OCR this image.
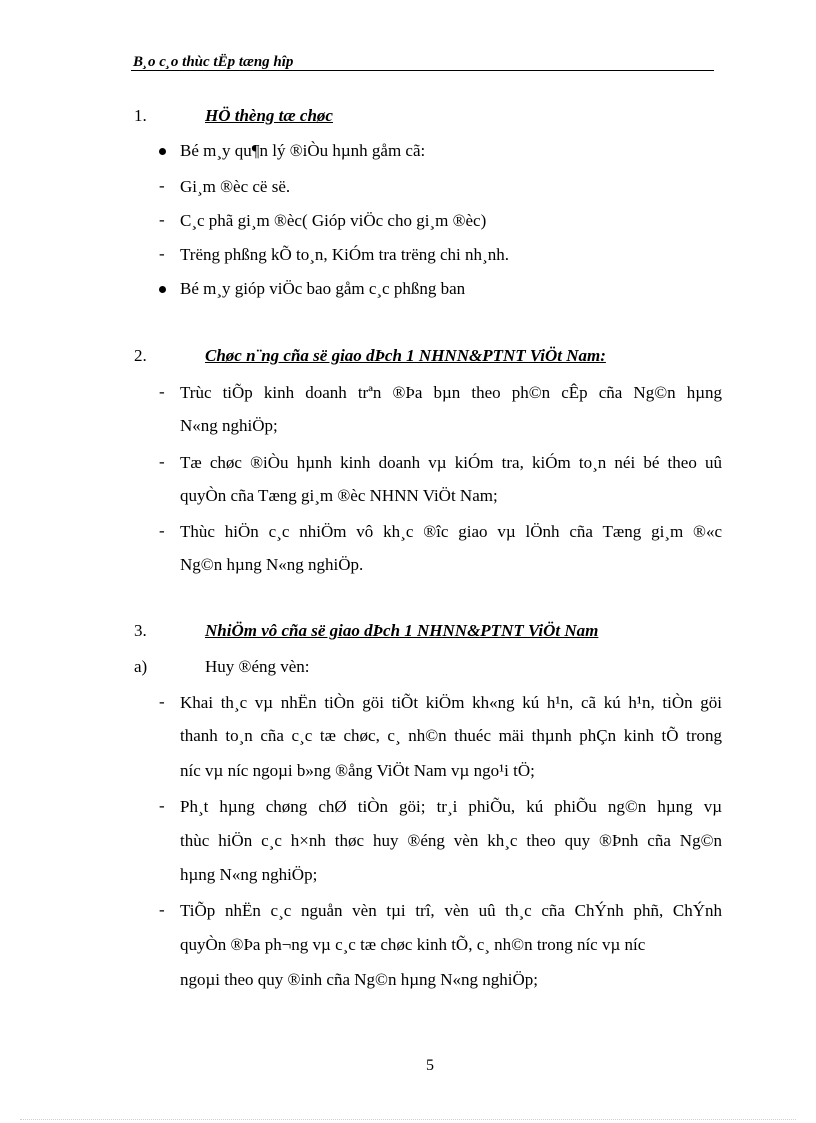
B¸o c¸o thùc tËp tæng hîp
1.	HÖ thèng tæ chøc
Bé m¸y qu¶n lý ®iÒu hµnh gåm cã:
- Gi¸m ®èc cë së.
- C¸c phã gi¸m ®èc( Gióp viÖc cho gi¸m ®èc)
- Trëng phßng kÕ to¸n, KiÓm tra trëng chi nh¸nh.
Bé m¸y gióp viÖc bao gåm c¸c phßng ban
2.	Chøc n¨ng cña së giao dÞch 1 NHNN&PTNT ViÖt Nam:
- Trùc tiÕp kinh doanh trªn ®Þa bµn theo ph©n cÊp cña Ng©n hµng
N«ng nghiÖp;
- Tæ chøc ®iÒu hµnh kinh doanh vµ kiÓm tra, kiÓm to¸n néi bé theo uû
quyÒn cña Tæng gi¸m ®èc NHNN ViÖt Nam;
- Thùc hiÖn c¸c nhiÖm vô kh¸c ®îc giao vµ lÖnh cña Tæng gi¸m ®«c
Ng©n hµng N«ng nghiÖp.
3.	NhiÖm vô cña së giao dÞch 1 NHNN&PTNT ViÖt Nam
a)	Huy ®éng vèn:
- Khai th¸c vµ nhËn tiÒn göi tiÕt kiÖm kh«ng kú h¹n, cã kú h¹n, tiÒn göi
thanh to¸n cña c¸c tæ chøc, c¸ nh©n thuéc mäi thµnh phÇn kinh tÕ trong
níc vµ níc ngoµi b»ng ®ång ViÖt Nam vµ ngo¹i tÖ;
- Ph¸t hµng chøng chØ tiÒn göi; tr¸i phiÕu, kú phiÕu ng©n hµng vµ
thùc hiÖn c¸c h×nh thøc huy ®éng vèn kh¸c theo quy ®Þnh cña Ng©n
hµng N«ng nghiÖp;
- TiÕp nhËn c¸c nguån vèn tµi trî, vèn uû th¸c cña ChÝnh phñ, ChÝnh
quyÒn ®Þa ph¬ng vµ c¸c tæ chøc kinh tÕ, c¸ nh©n trong níc vµ níc
ngoµi theo quy ®inh cña Ng©n hµng N«ng nghiÖp;
5
